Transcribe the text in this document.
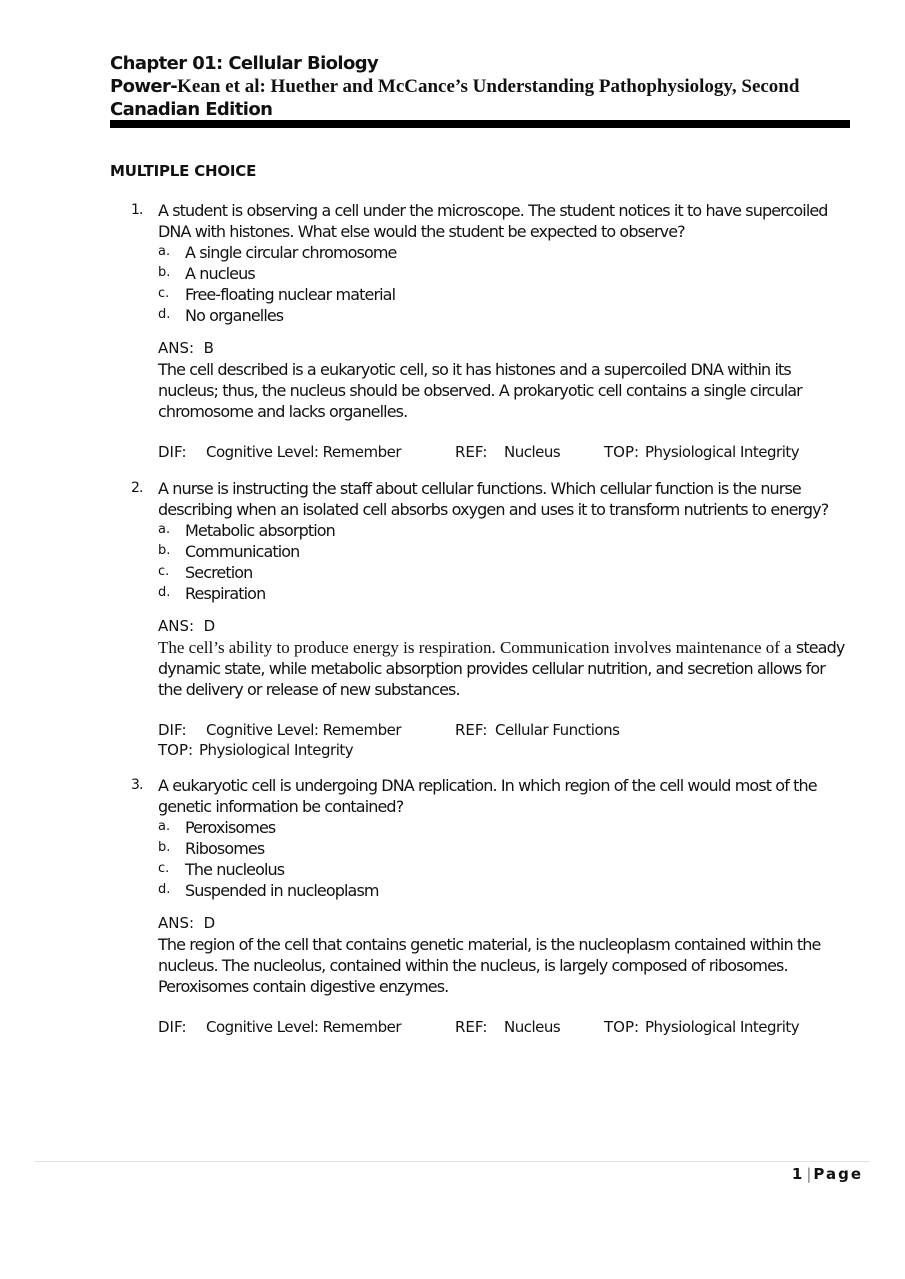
Chapter 01: Cellular Biology
Power-Kean et al: Huether and McCance’s Understanding Pathophysiology, Second
Canadian Edition
MULTIPLE CHOICE
1. A student is observing a cell under the microscope. The student notices it to have supercoiled DNA with histones. What else would the student be expected to observe?
a. A single circular chromosome
b. A nucleus
c. Free-floating nuclear material
d. No organelles
ANS: B
The cell described is a eukaryotic cell, so it has histones and a supercoiled DNA within its nucleus; thus, the nucleus should be observed. A prokaryotic cell contains a single circular chromosome and lacks organelles.
DIF: Cognitive Level: Remember	REF: Nucleus	TOP: Physiological Integrity
2. A nurse is instructing the staff about cellular functions. Which cellular function is the nurse describing when an isolated cell absorbs oxygen and uses it to transform nutrients to energy?
a. Metabolic absorption
b. Communication
c. Secretion
d. Respiration
ANS: D
The cell’s ability to produce energy is respiration. Communication involves maintenance of a steady dynamic state, while metabolic absorption provides cellular nutrition, and secretion allows for the delivery or release of new substances.
DIF: Cognitive Level: Remember	REF: Cellular Functions
TOP: Physiological Integrity
3. A eukaryotic cell is undergoing DNA replication. In which region of the cell would most of the genetic information be contained?
a. Peroxisomes
b. Ribosomes
c. The nucleolus
d. Suspended in nucleoplasm
ANS: D
The region of the cell that contains genetic material, is the nucleoplasm contained within the nucleus. The nucleolus, contained within the nucleus, is largely composed of ribosomes. Peroxisomes contain digestive enzymes.
DIF: Cognitive Level: Remember	REF: Nucleus	TOP: Physiological Integrity
1 | Page
